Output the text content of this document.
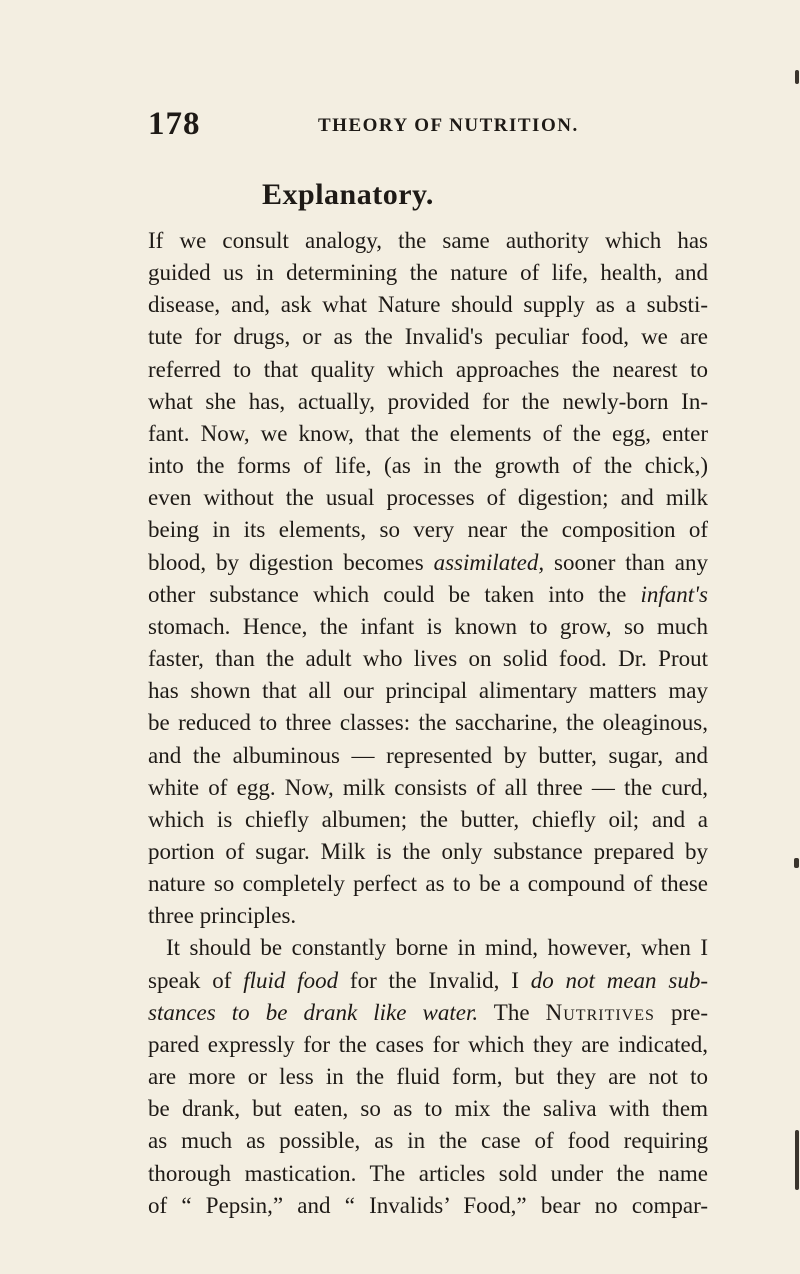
178	THEORY OF NUTRITION.
Explanatory.
If we consult analogy, the same authority which has
guided us in determining the nature of life, health, and
disease, and, ask what Nature should supply as a substi-
tute for drugs, or as the Invalid's peculiar food, we are
referred to that quality which approaches the nearest to
what she has, actually, provided for the newly-born In-
fant. Now, we know, that the elements of the egg, enter
into the forms of life, (as in the growth of the chick,)
even without the usual processes of digestion; and milk
being in its elements, so very near the composition of
blood, by digestion becomes assimilated, sooner than any
other substance which could be taken into the infant's
stomach. Hence, the infant is known to grow, so much
faster, than the adult who lives on solid food. Dr. Prout
has shown that all our principal alimentary matters may
be reduced to three classes: the saccharine, the oleaginous,
and the albuminous — represented by butter, sugar, and
white of egg. Now, milk consists of all three — the curd,
which is chiefly albumen; the butter, chiefly oil; and a
portion of sugar. Milk is the only substance prepared by
nature so completely perfect as to be a compound of these
three principles.
It should be constantly borne in mind, however, when I
speak of fluid food for the Invalid, I do not mean sub-
stances to be drank like water. The Nutritives pre-
pared expressly for the cases for which they are indicated,
are more or less in the fluid form, but they are not to
be drank, but eaten, so as to mix the saliva with them
as much as possible, as in the case of food requiring
thorough mastication. The articles sold under the name
of “ Pepsin,” and “ Invalids’ Food,” bear no compar-
